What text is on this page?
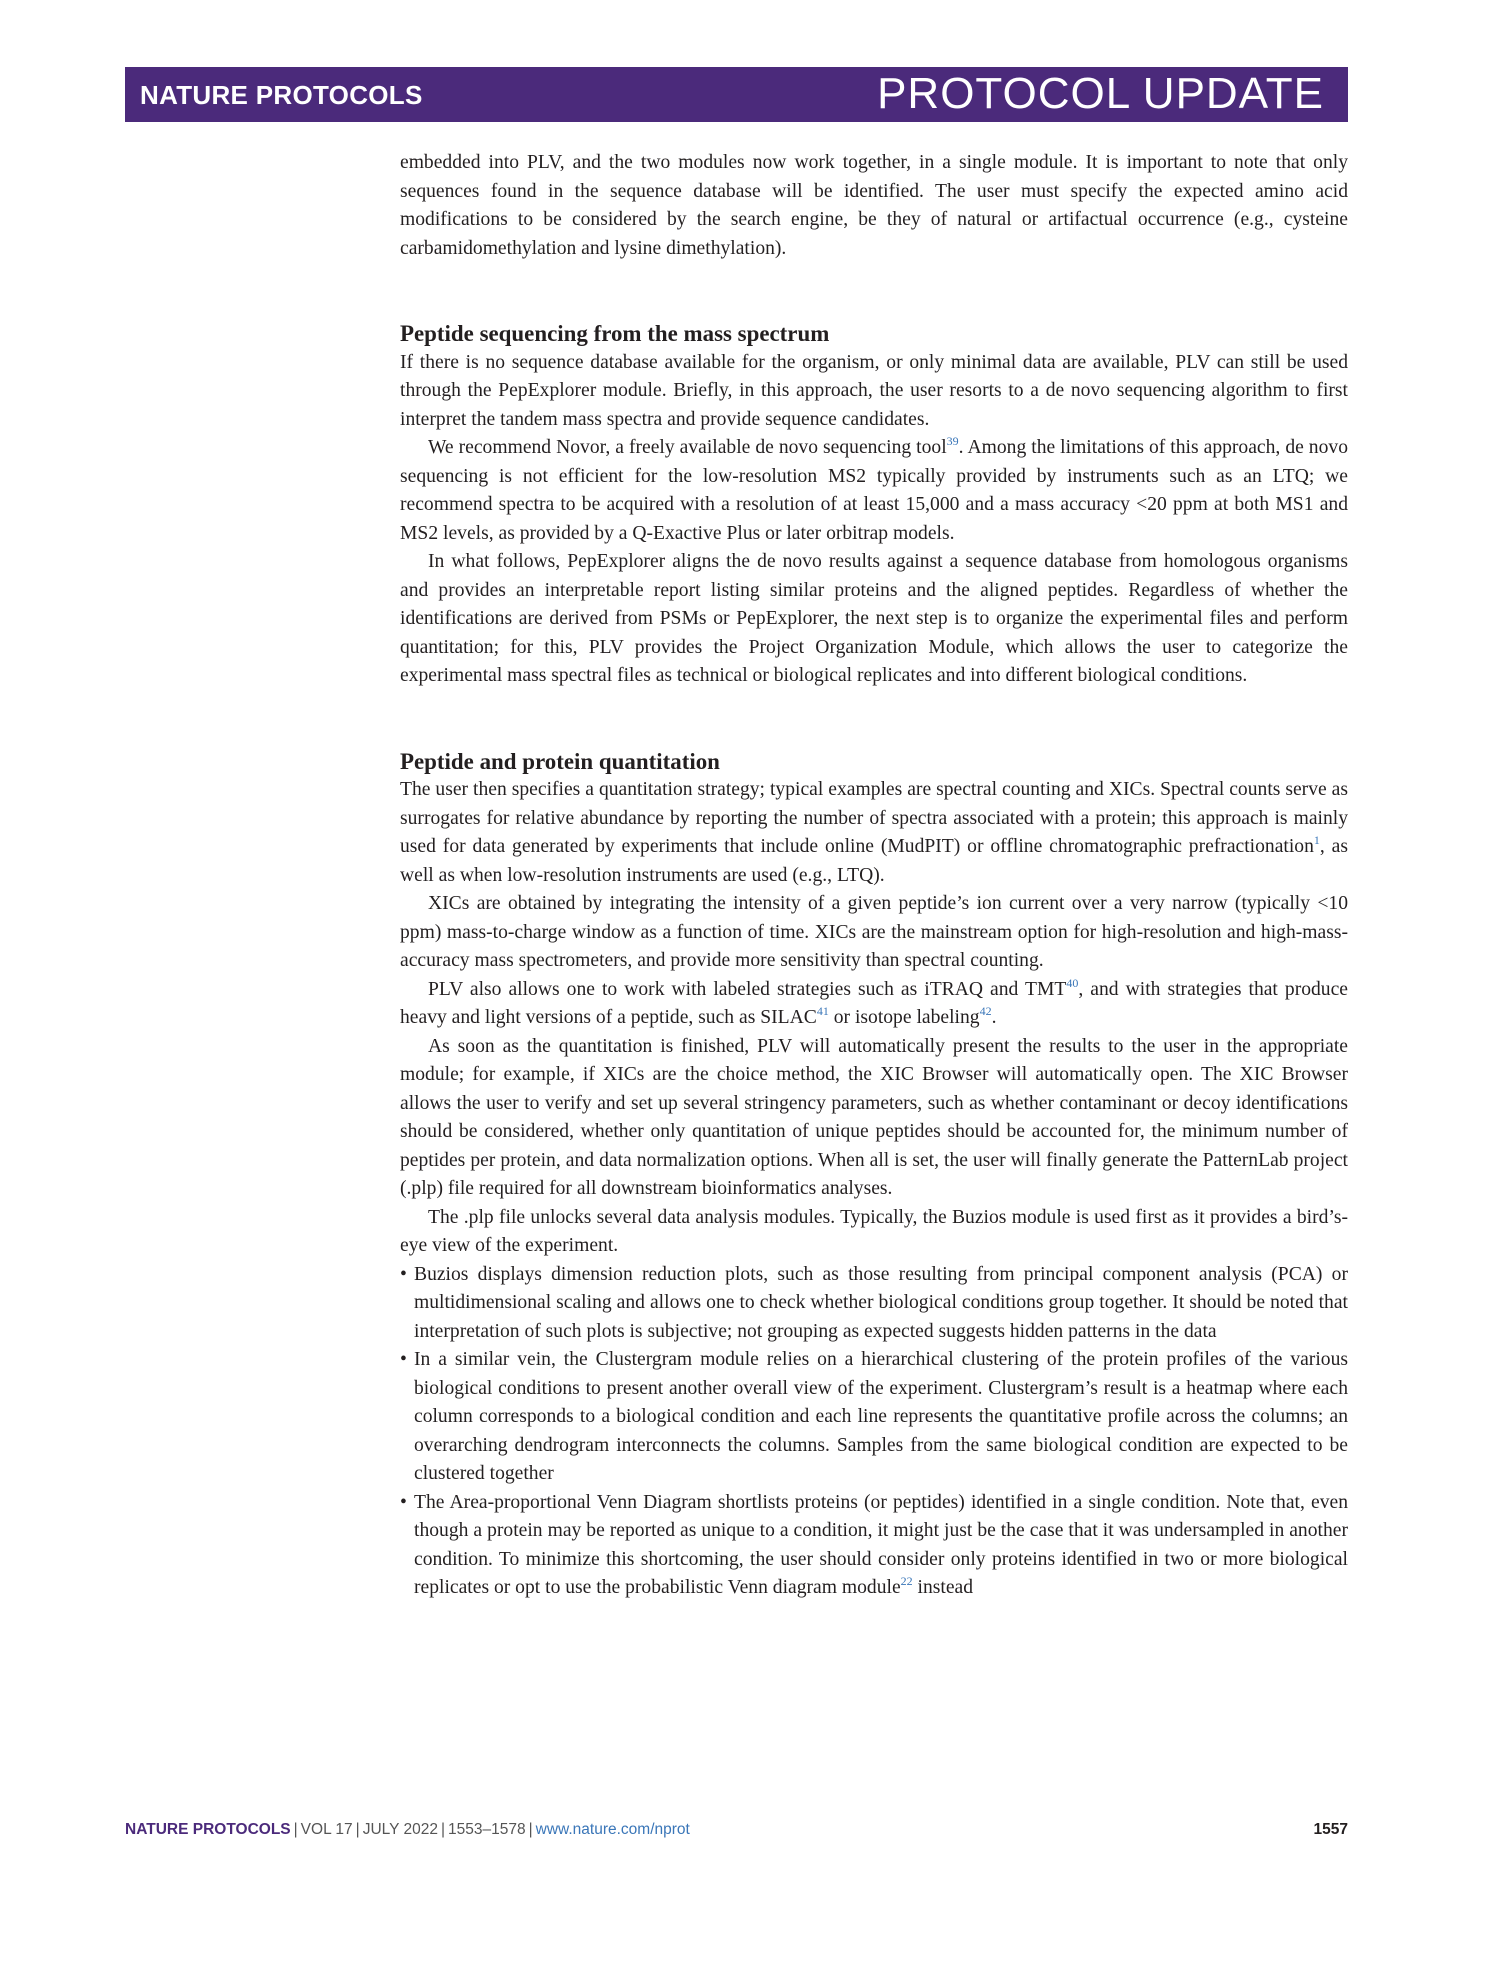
NATURE PROTOCOLS	PROTOCOL UPDATE

embedded into PLV, and the two modules now work together, in a single module. It is important to note that only sequences found in the sequence database will be identified. The user must specify the expected amino acid modifications to be considered by the search engine, be they of natural or artifactual occurrence (e.g., cysteine carbamidomethylation and lysine dimethylation).

Peptide sequencing from the mass spectrum

If there is no sequence database available for the organism, or only minimal data are available, PLV can still be used through the PepExplorer module. Briefly, in this approach, the user resorts to a de novo sequencing algorithm to first interpret the tandem mass spectra and provide sequence candidates.

We recommend Novor, a freely available de novo sequencing tool$^{39}$. Among the limitations of this approach, de novo sequencing is not efficient for the low-resolution MS2 typically provided by instruments such as an LTQ; we recommend spectra to be acquired with a resolution of at least 15,000 and a mass accuracy <20 ppm at both MS1 and MS2 levels, as provided by a Q-Exactive Plus or later orbitrap models.

In what follows, PepExplorer aligns the de novo results against a sequence database from homologous organisms and provides an interpretable report listing similar proteins and the aligned peptides. Regardless of whether the identifications are derived from PSMs or PepExplorer, the next step is to organize the experimental files and perform quantitation; for this, PLV provides the Project Organization Module, which allows the user to categorize the experimental mass spectral files as technical or biological replicates and into different biological conditions.

Peptide and protein quantitation

The user then specifies a quantitation strategy; typical examples are spectral counting and XICs. Spectral counts serve as surrogates for relative abundance by reporting the number of spectra associated with a protein; this approach is mainly used for data generated by experiments that include online (MudPIT) or offline chromatographic prefractionation$^1$, as well as when low-resolution instruments are used (e.g., LTQ).

XICs are obtained by integrating the intensity of a given peptide’s ion current over a very narrow (typically <10 ppm) mass-to-charge window as a function of time. XICs are the mainstream option for high-resolution and high-mass-accuracy mass spectrometers, and provide more sensitivity than spectral counting.

PLV also allows one to work with labeled strategies such as iTRAQ and TMT$^{40}$, and with strategies that produce heavy and light versions of a peptide, such as SILAC$^{41}$ or isotope labeling$^{42}$.

As soon as the quantitation is finished, PLV will automatically present the results to the user in the appropriate module; for example, if XICs are the choice method, the XIC Browser will automatically open. The XIC Browser allows the user to verify and set up several stringency parameters, such as whether contaminant or decoy identifications should be considered, whether only quantitation of unique peptides should be accounted for, the minimum number of peptides per protein, and data normalization options. When all is set, the user will finally generate the PatternLab project (.plp) file required for all downstream bioinformatics analyses.

The .plp file unlocks several data analysis modules. Typically, the Buzios module is used first as it provides a bird’s-eye view of the experiment.

• Buzios displays dimension reduction plots, such as those resulting from principal component analysis (PCA) or multidimensional scaling and allows one to check whether biological conditions group together. It should be noted that interpretation of such plots is subjective; not grouping as expected suggests hidden patterns in the data
• In a similar vein, the Clustergram module relies on a hierarchical clustering of the protein profiles of the various biological conditions to present another overall view of the experiment. Clustergram’s result is a heatmap where each column corresponds to a biological condition and each line represents the quantitative profile across the columns; an overarching dendrogram interconnects the columns. Samples from the same biological condition are expected to be clustered together
• The Area-proportional Venn Diagram shortlists proteins (or peptides) identified in a single condition. Note that, even though a protein may be reported as unique to a condition, it might just be the case that it was undersampled in another condition. To minimize this shortcoming, the user should consider only proteins identified in two or more biological replicates or opt to use the probabilistic Venn diagram module$^{22}$ instead
NATURE PROTOCOLS | VOL 17 | JULY 2022 | 1553–1578 | www.nature.com/nprot	1557
